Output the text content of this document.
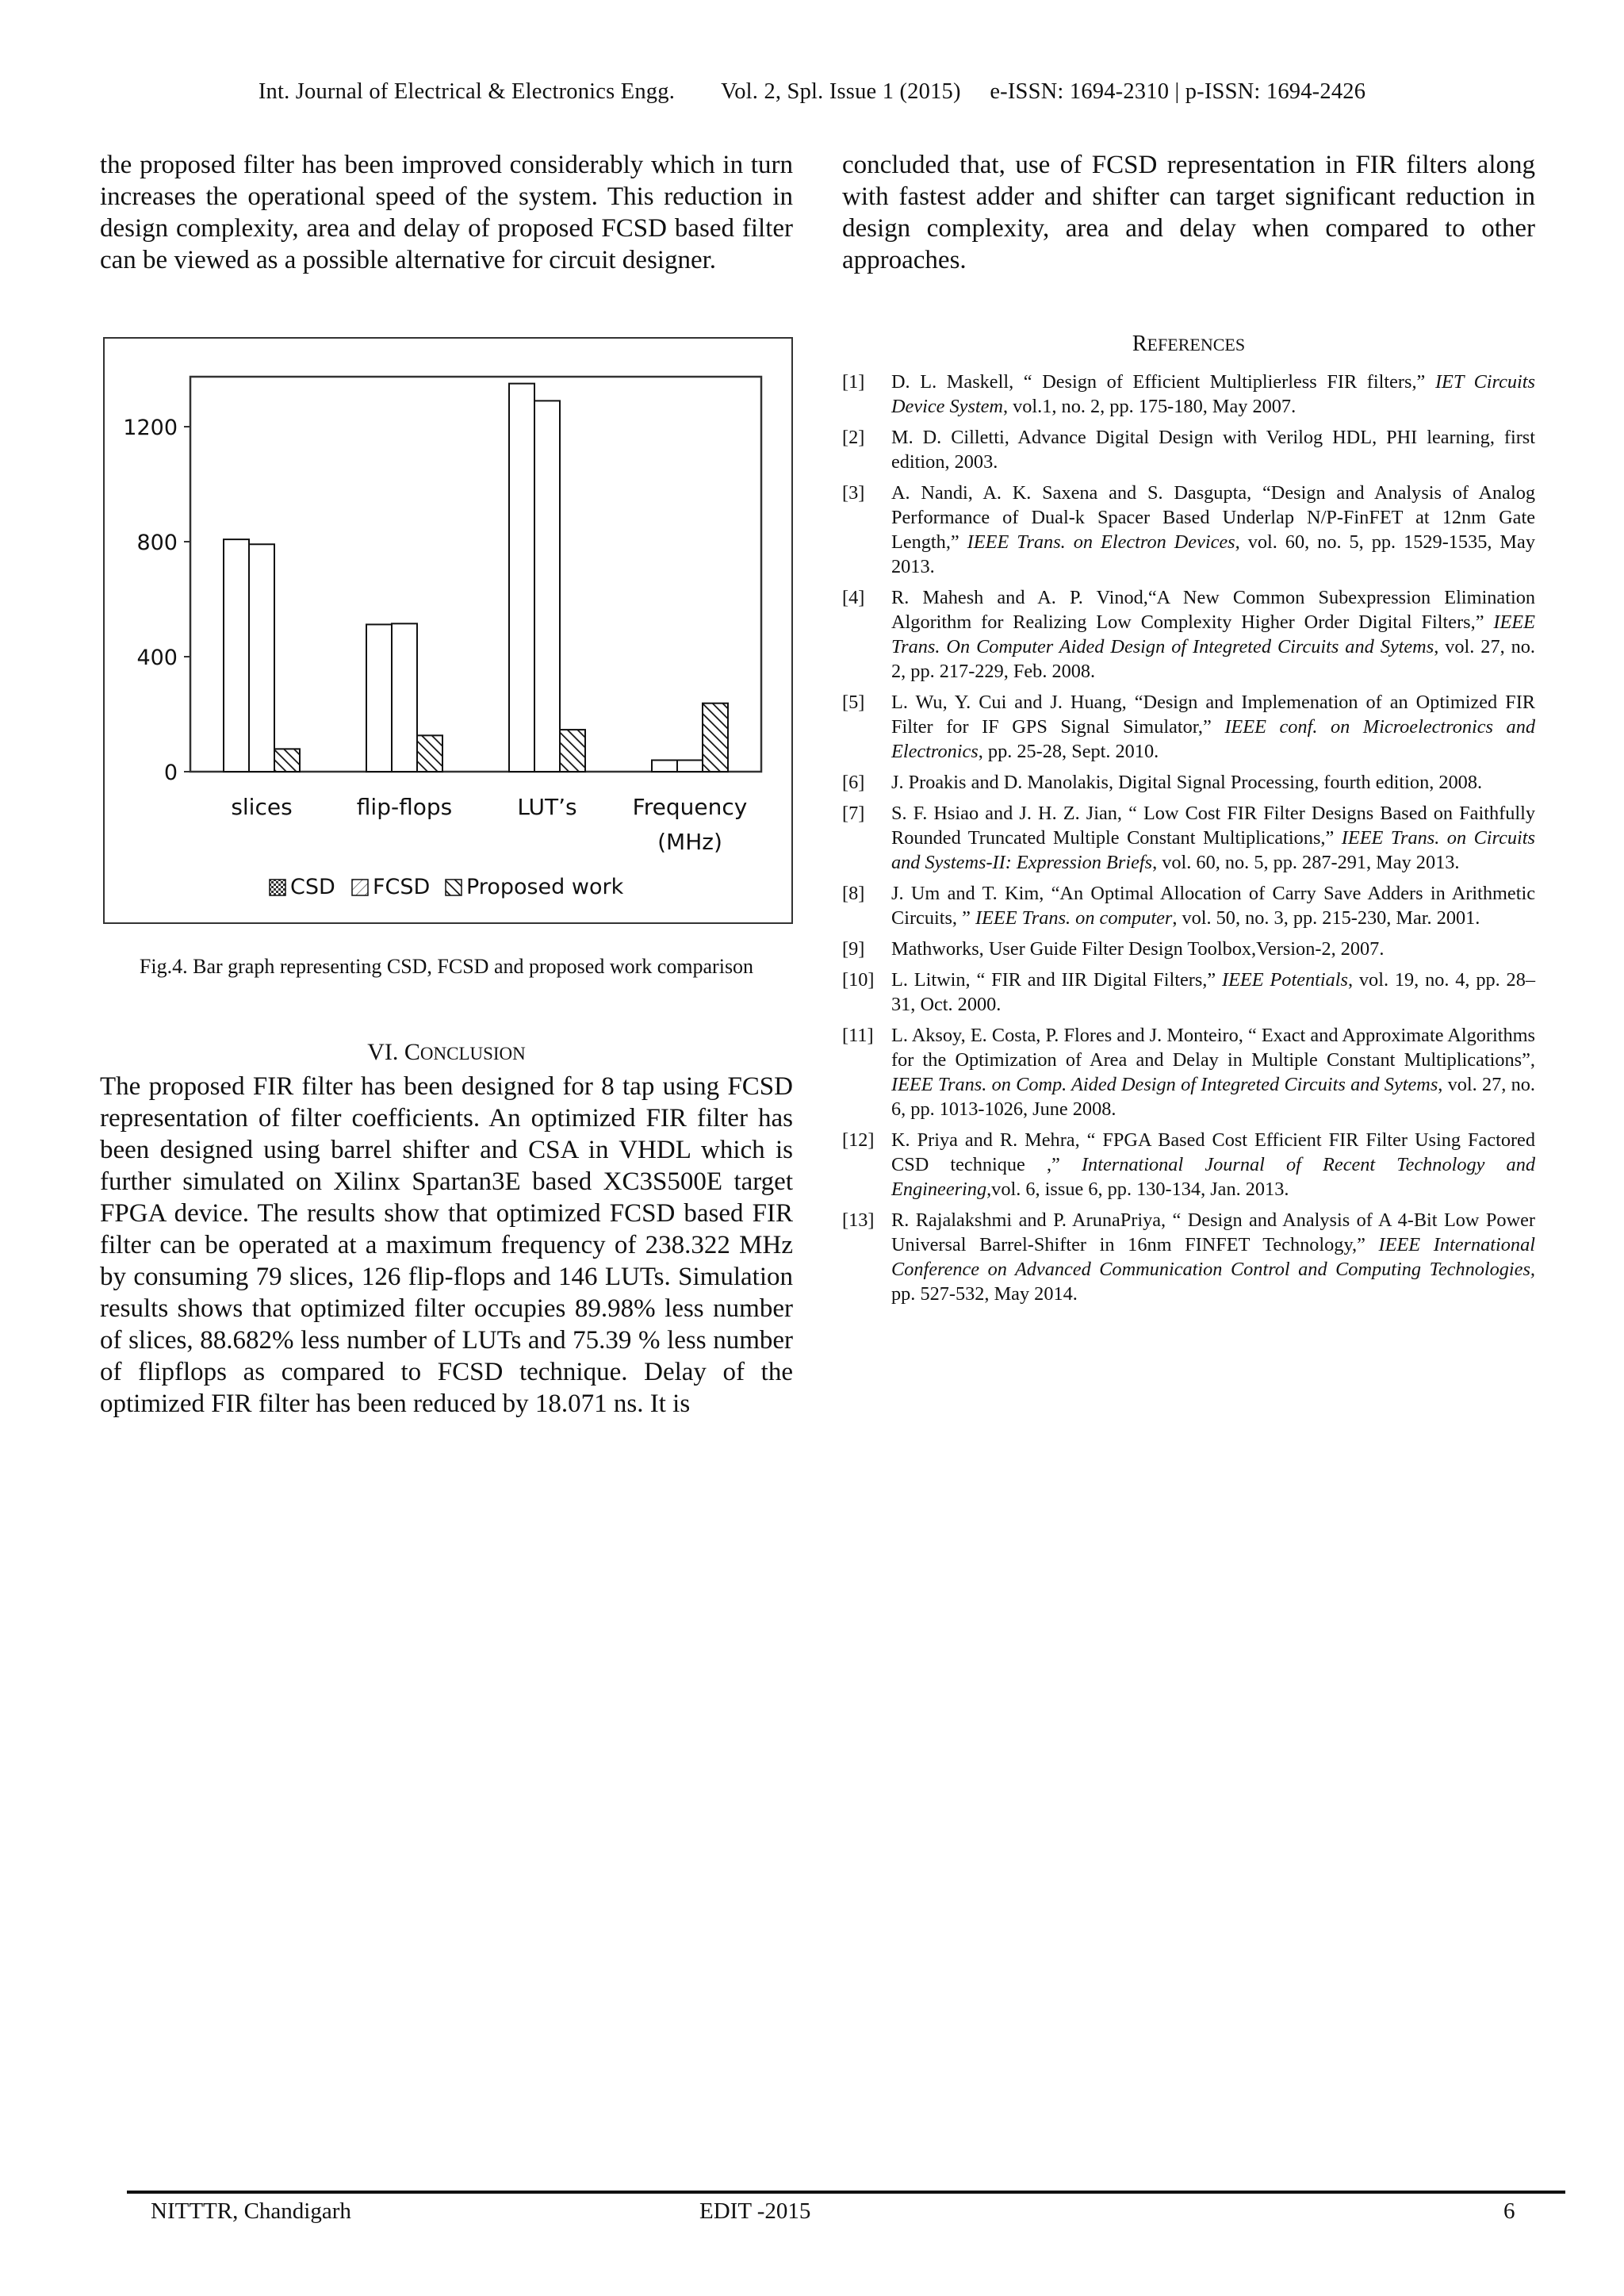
Int. Journal of Electrical & Electronics Engg. Vol. 2, Spl. Issue 1 (2015) e-ISSN: 1694-2310 | p-ISSN: 1694-2426

the proposed filter has been improved considerably which in turn increases the operational speed of the system. This reduction in design complexity, area and delay of proposed FCSD based filter can be viewed as a possible alternative for circuit designer.

concluded that, use of FCSD representation in FIR filters along with fastest adder and shifter can target significant reduction in design complexity, area and delay when compared to other approaches.

0
400
800
1200
slices	flip-flops	LUT’s	Frequency (MHz)
CSD FCSD Proposed work
Fig.4. Bar graph representing CSD, FCSD and proposed work comparison
VI. CONCLUSION

The proposed FIR filter has been designed for 8 tap using FCSD representation of filter coefficients. An optimized FIR filter has been designed using barrel shifter and CSA in VHDL which is further simulated on Xilinx Spartan3E based XC3S500E target FPGA device. The results show that optimized FCSD based FIR filter can be operated at a maximum frequency of 238.322 MHz by consuming 79 slices, 126 flip-flops and 146 LUTs. Simulation results shows that optimized filter occupies 89.98% less number of slices, 88.682% less number of LUTs and 75.39 % less number of flipflops as compared to FCSD technique. Delay of the optimized FIR filter has been reduced by 18.071 ns. It is

REFERENCES
[1] D. L. Maskell, “ Design of Efficient Multiplierless FIR filters,” IET Circuits Device System, vol.1, no. 2, pp. 175-180, May 2007.
[2] M. D. Cilletti, Advance Digital Design with Verilog HDL, PHI learning, first edition, 2003.
[3] A. Nandi, A. K. Saxena and S. Dasgupta, “Design and Analysis of Analog Performance of Dual-k Spacer Based Underlap N/P-FinFET at 12nm Gate Length,” IEEE Trans. on Electron Devices, vol. 60, no. 5, pp. 1529-1535, May 2013.
[4] R. Mahesh and A. P. Vinod,“A New Common Subexpression Elimination Algorithm for Realizing Low Complexity Higher Order Digital Filters,” IEEE Trans. On Computer Aided Design of Integreted Circuits and Sytems, vol. 27, no. 2, pp. 217-229, Feb. 2008.
[5] L. Wu, Y. Cui and J. Huang, “Design and Implemenation of an Optimized FIR Filter for IF GPS Signal Simulator,” IEEE conf. on Microelectronics and Electronics, pp. 25-28, Sept. 2010.
[6] J. Proakis and D. Manolakis, Digital Signal Processing, fourth edition, 2008.
[7] S. F. Hsiao and J. H. Z. Jian, “ Low Cost FIR Filter Designs Based on Faithfully Rounded Truncated Multiple Constant Multiplications,” IEEE Trans. on Circuits and Systems-II: Expression Briefs, vol. 60, no. 5, pp. 287-291, May 2013.
[8] J. Um and T. Kim, “An Optimal Allocation of Carry Save Adders in Arithmetic Circuits, ” IEEE Trans. on computer, vol. 50, no. 3, pp. 215-230, Mar. 2001.
[9] Mathworks, User Guide Filter Design Toolbox,Version-2, 2007.
[10] L. Litwin, “ FIR and IIR Digital Filters,” IEEE Potentials, vol. 19, no. 4, pp. 28–31, Oct. 2000.
[11] L. Aksoy, E. Costa, P. Flores and J. Monteiro, “ Exact and Approximate Algorithms for the Optimization of Area and Delay in Multiple Constant Multiplications”, IEEE Trans. on Comp. Aided Design of Integreted Circuits and Sytems, vol. 27, no. 6, pp. 1013-1026, June 2008.
[12] K. Priya and R. Mehra, “ FPGA Based Cost Efficient FIR Filter Using Factored CSD technique ,” International Journal of Recent Technology and Engineering,vol. 6, issue 6, pp. 130-134, Jan. 2013.
[13] R. Rajalakshmi and P. ArunaPriya, “ Design and Analysis of A 4-Bit Low Power Universal Barrel-Shifter in 16nm FINFET Technology,” IEEE International Conference on Advanced Communication Control and Computing Technologies, pp. 527-532, May 2014.
NITTTR, Chandigarh	EDIT -2015	6
